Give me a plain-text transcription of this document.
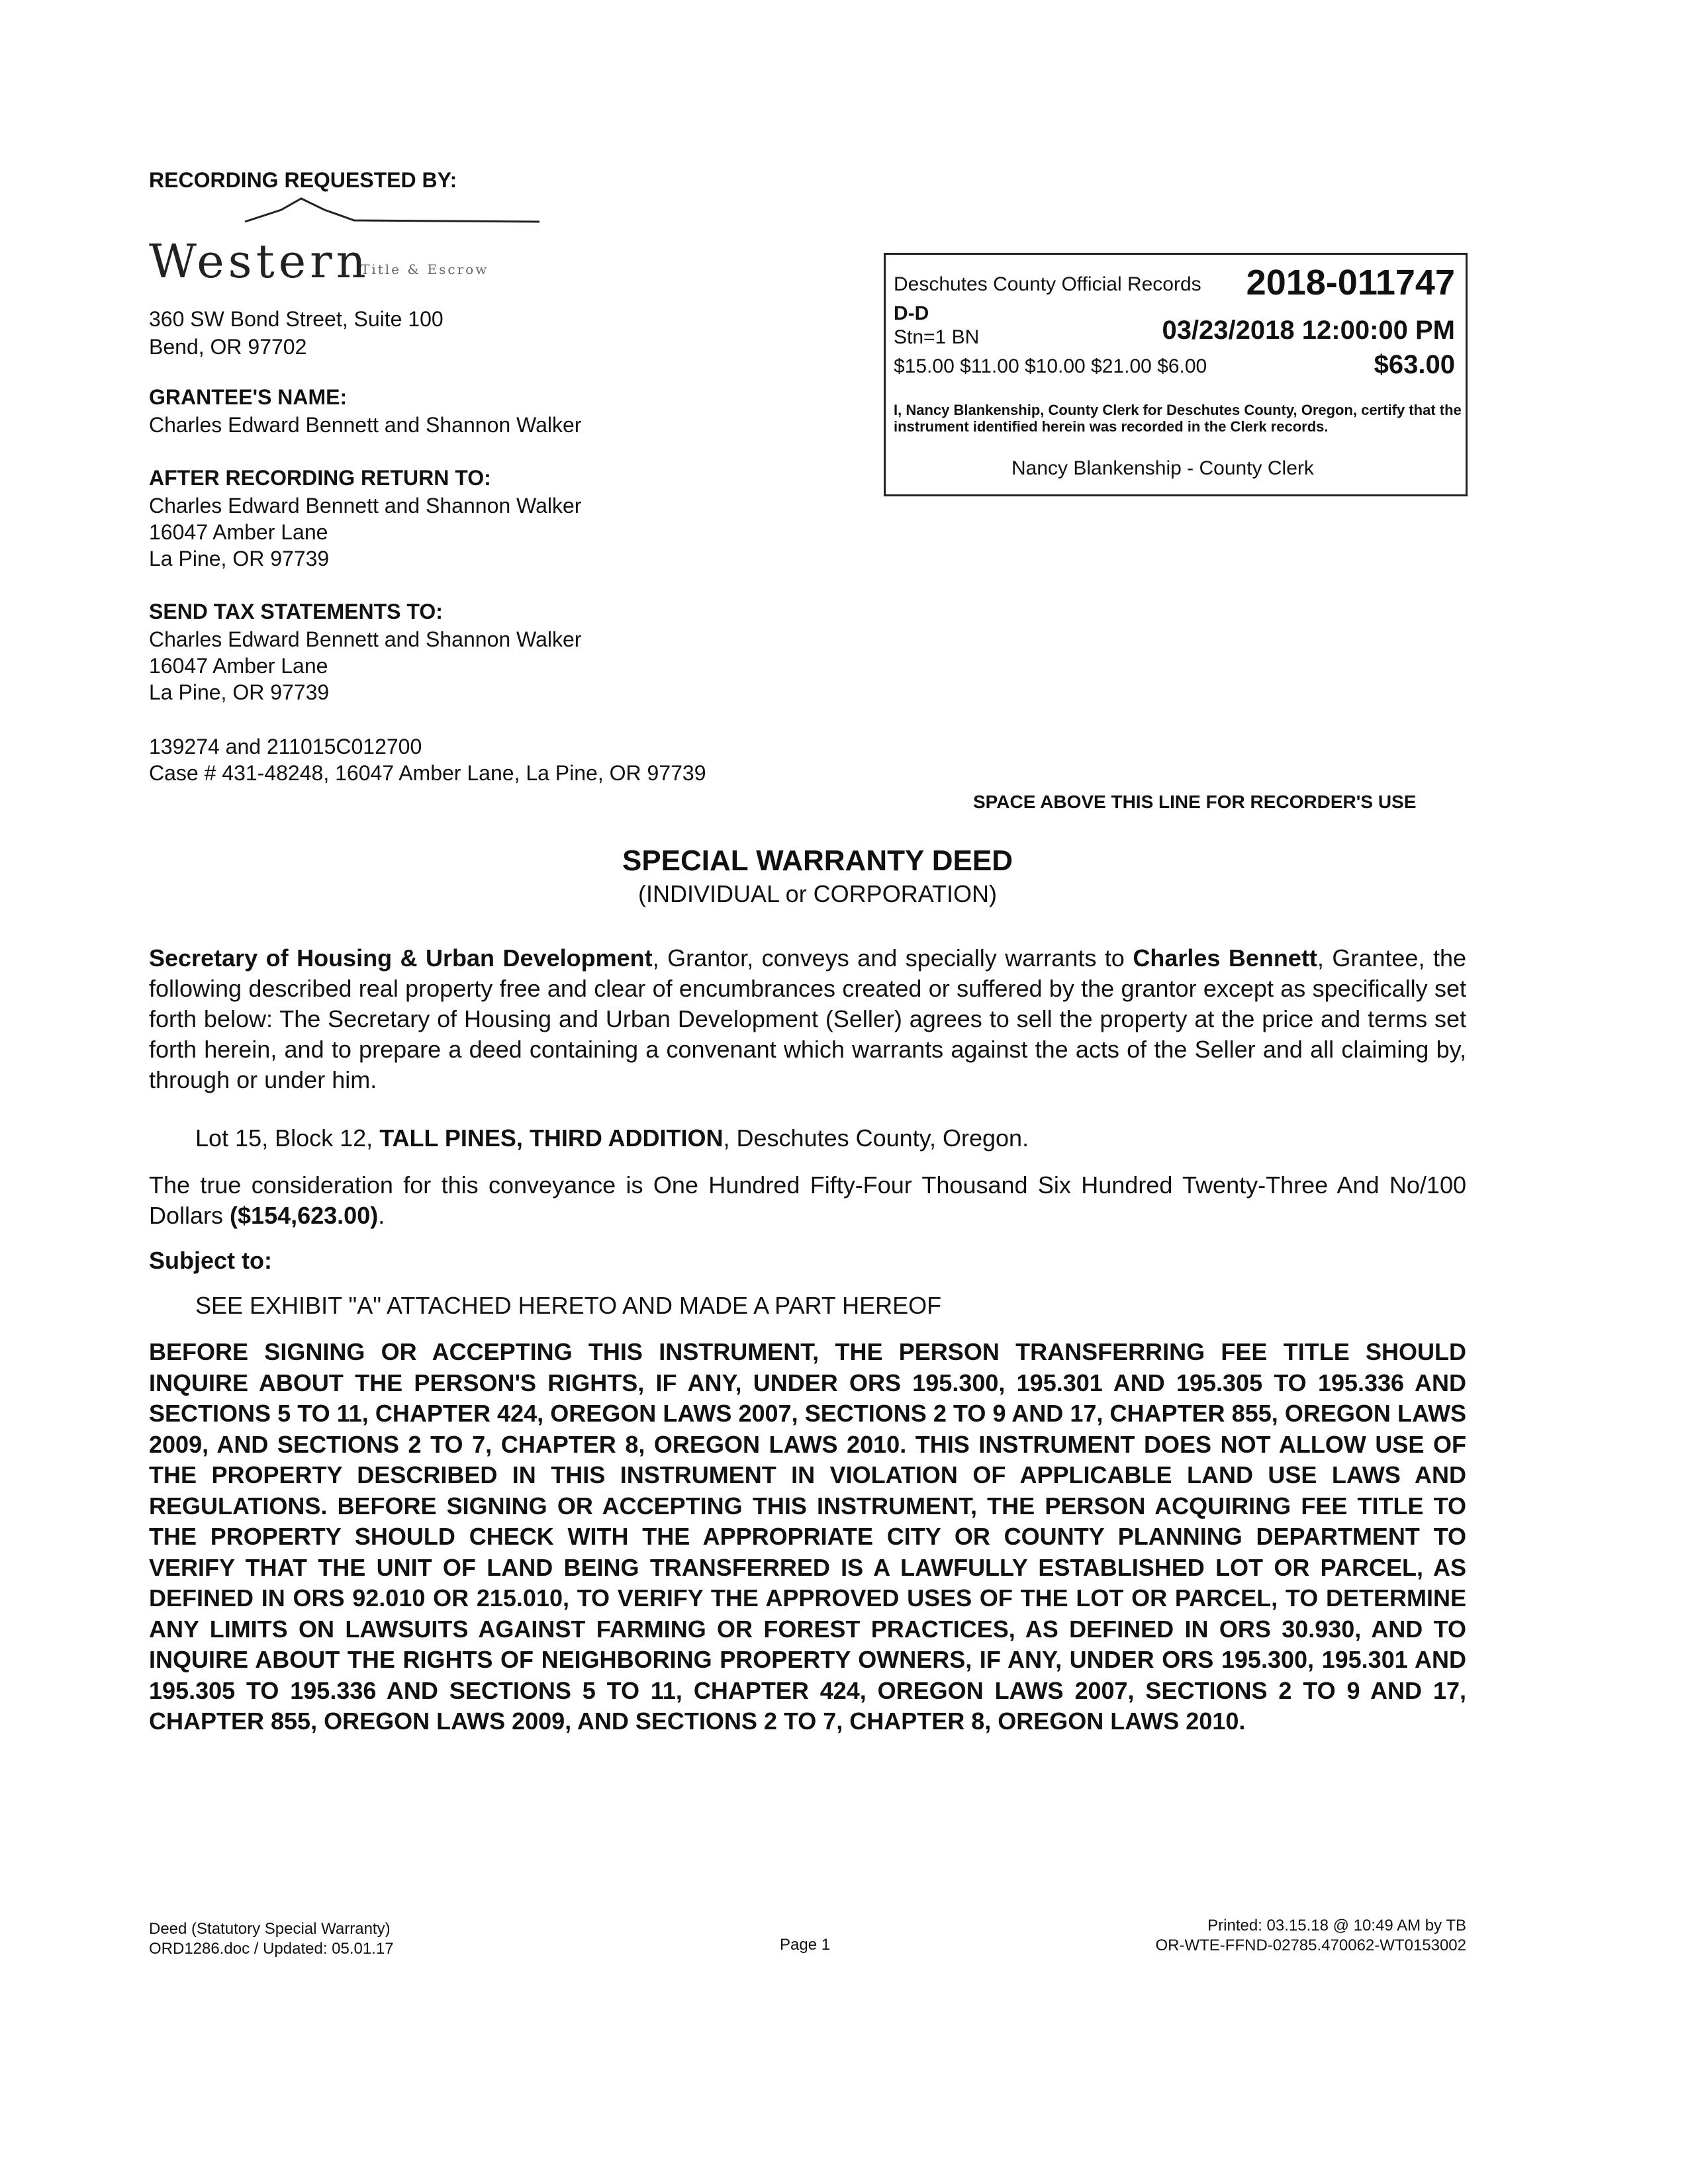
RECORDING REQUESTED BY:
Western
Title & Escrow
360 SW Bond Street, Suite 100
Bend, OR 97702
GRANTEE'S NAME:
Charles Edward Bennett and Shannon Walker
AFTER RECORDING RETURN TO:
Charles Edward Bennett and Shannon Walker
16047 Amber Lane
La Pine, OR 97739
SEND TAX STATEMENTS TO:
Charles Edward Bennett and Shannon Walker
16047 Amber Lane
La Pine, OR 97739
139274 and 211015C012700
Case # 431-48248, 16047 Amber Lane, La Pine, OR 97739
SPACE ABOVE THIS LINE FOR RECORDER'S USE
Deschutes County Official Records 2018-011747
D-D
Stn=1 BN	03/23/2018 12:00:00 PM
$15.00 $11.00 $10.00 $21.00 $6.00	$63.00
I, Nancy Blankenship, County Clerk for Deschutes County, Oregon, certify that the instrument identified herein was recorded in the Clerk records.
Nancy Blankenship - County Clerk
SPECIAL WARRANTY DEED
(INDIVIDUAL or CORPORATION)
Secretary of Housing & Urban Development, Grantor, conveys and specially warrants to Charles Bennett, Grantee, the following described real property free and clear of encumbrances created or suffered by the grantor except as specifically set forth below: The Secretary of Housing and Urban Development (Seller) agrees to sell the property at the price and terms set forth herein, and to prepare a deed containing a convenant which warrants against the acts of the Seller and all claiming by, through or under him.
Lot 15, Block 12, TALL PINES, THIRD ADDITION, Deschutes County, Oregon.
The true consideration for this conveyance is One Hundred Fifty-Four Thousand Six Hundred Twenty-Three And No/100 Dollars ($154,623.00).
Subject to:
SEE EXHIBIT "A" ATTACHED HERETO AND MADE A PART HEREOF
BEFORE SIGNING OR ACCEPTING THIS INSTRUMENT, THE PERSON TRANSFERRING FEE TITLE SHOULD INQUIRE ABOUT THE PERSON'S RIGHTS, IF ANY, UNDER ORS 195.300, 195.301 AND 195.305 TO 195.336 AND SECTIONS 5 TO 11, CHAPTER 424, OREGON LAWS 2007, SECTIONS 2 TO 9 AND 17, CHAPTER 855, OREGON LAWS 2009, AND SECTIONS 2 TO 7, CHAPTER 8, OREGON LAWS 2010. THIS INSTRUMENT DOES NOT ALLOW USE OF THE PROPERTY DESCRIBED IN THIS INSTRUMENT IN VIOLATION OF APPLICABLE LAND USE LAWS AND REGULATIONS. BEFORE SIGNING OR ACCEPTING THIS INSTRUMENT, THE PERSON ACQUIRING FEE TITLE TO THE PROPERTY SHOULD CHECK WITH THE APPROPRIATE CITY OR COUNTY PLANNING DEPARTMENT TO VERIFY THAT THE UNIT OF LAND BEING TRANSFERRED IS A LAWFULLY ESTABLISHED LOT OR PARCEL, AS DEFINED IN ORS 92.010 OR 215.010, TO VERIFY THE APPROVED USES OF THE LOT OR PARCEL, TO DETERMINE ANY LIMITS ON LAWSUITS AGAINST FARMING OR FOREST PRACTICES, AS DEFINED IN ORS 30.930, AND TO INQUIRE ABOUT THE RIGHTS OF NEIGHBORING PROPERTY OWNERS, IF ANY, UNDER ORS 195.300, 195.301 AND 195.305 TO 195.336 AND SECTIONS 5 TO 11, CHAPTER 424, OREGON LAWS 2007, SECTIONS 2 TO 9 AND 17, CHAPTER 855, OREGON LAWS 2009, AND SECTIONS 2 TO 7, CHAPTER 8, OREGON LAWS 2010.
Deed (Statutory Special Warranty)
ORD1286.doc / Updated: 05.01.17	Page 1
Printed: 03.15.18 @ 10:49 AM by TB
OR-WTE-FFND-02785.470062-WT0153002
